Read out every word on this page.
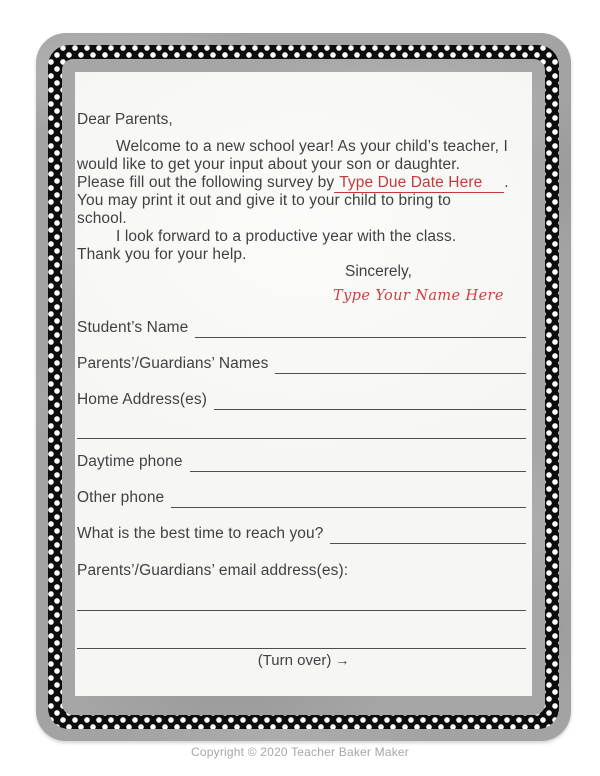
Dear Parents,
Welcome to a new school year! As your child’s teacher, I
would like to get your input about your son or daughter.
Please fill out the following survey by Type Due Date Here .
You may print it out and give it to your child to bring to
school.
I look forward to a productive year with the class.
Thank you for your help.
Sincerely,
Type Your Name Here
Student’s Name
Parents’/Guardians’ Names
Home Address(es)
Daytime phone
Other phone
What is the best time to reach you?
Parents’/Guardians’ email address(es):
(Turn over) →
Copyright © 2020 Teacher Baker Maker
